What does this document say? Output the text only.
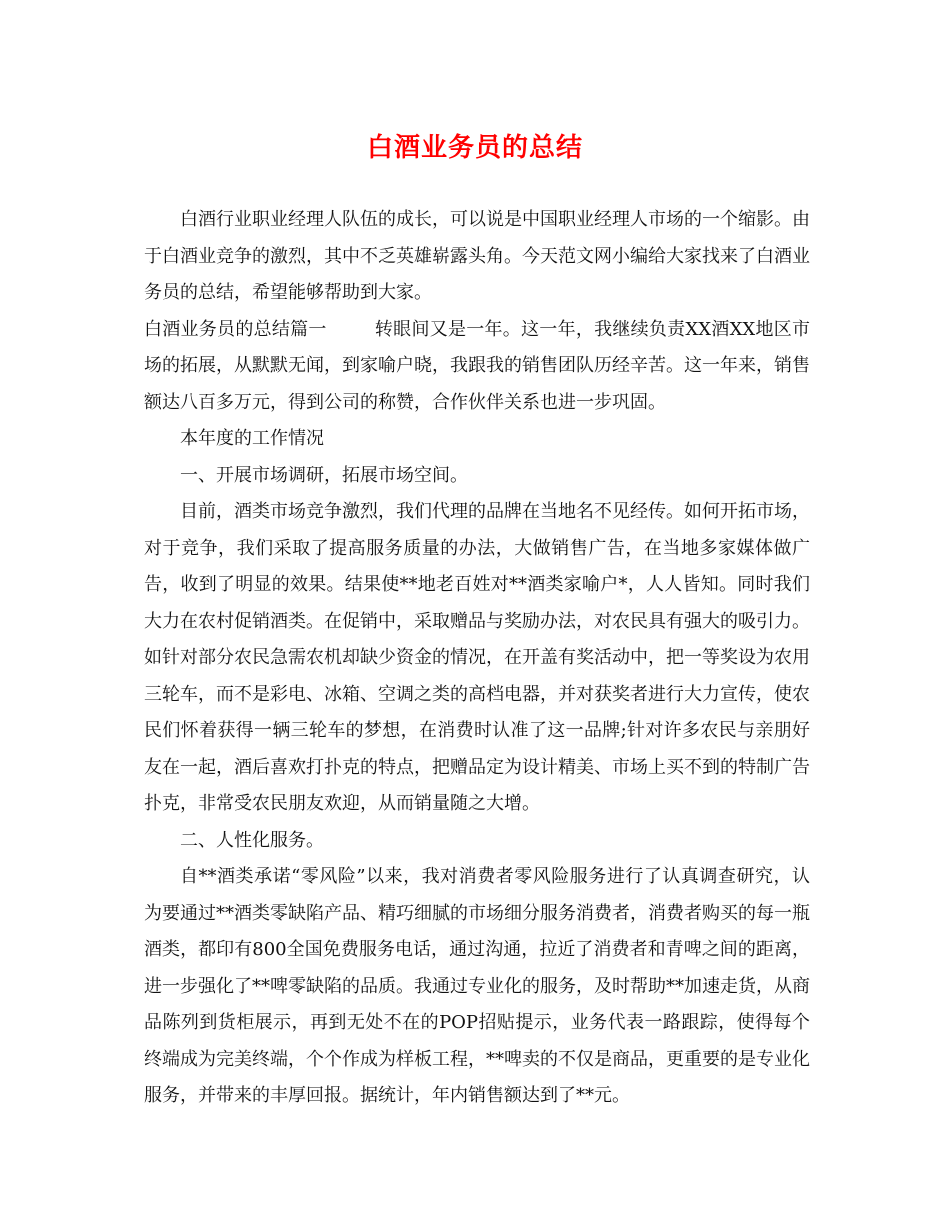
白酒业务员的总结

白酒行业职业经理人队伍的成长，可以说是中国职业经理人市场的一个缩影。由于白酒业竞争的激烈，其中不乏英雄崭露头角。今天范文网小编给大家找来了白酒业务员的总结，希望能够帮助到大家。

白酒业务员的总结篇一	转眼间又是一年。这一年，我继续负责XX酒XX地区市场的拓展，从默默无闻，到家喻户晓，我跟我的销售团队历经辛苦。这一年来，销售额达八百多万元，得到公司的称赞，合作伙伴关系也进一步巩固。

本年度的工作情况

一、开展市场调研，拓展市场空间。

目前，酒类市场竞争激烈，我们代理的品牌在当地名不见经传。如何开拓市场，对于竞争，我们采取了提高服务质量的办法，大做销售广告，在当地多家媒体做广告，收到了明显的效果。结果使**地老百姓对**酒类家喻户*，人人皆知。同时我们大力在农村促销酒类。在促销中，采取赠品与奖励办法，对农民具有强大的吸引力。如针对部分农民急需农机却缺少资金的情况，在开盖有奖活动中，把一等奖设为农用三轮车，而不是彩电、冰箱、空调之类的高档电器，并对获奖者进行大力宣传，使农民们怀着获得一辆三轮车的梦想，在消费时认准了这一品牌;针对许多农民与亲朋好友在一起，酒后喜欢打扑克的特点，把赠品定为设计精美、市场上买不到的特制广告扑克，非常受农民朋友欢迎，从而销量随之大增。

二、人性化服务。

自**酒类承诺“零风险”以来，我对消费者零风险服务进行了认真调查研究，认为要通过**酒类零缺陷产品、精巧细腻的市场细分服务消费者，消费者购买的每一瓶酒类，都印有800全国免费服务电话，通过沟通，拉近了消费者和青啤之间的距离，进一步强化了**啤零缺陷的品质。我通过专业化的服务，及时帮助**加速走货，从商品陈列到货柜展示，再到无处不在的POP招贴提示，业务代表一路跟踪，使得每个终端成为完美终端，个个作成为样板工程，**啤卖的不仅是商品，更重要的是专业化服务，并带来的丰厚回报。据统计，年内销售额达到了**元。
